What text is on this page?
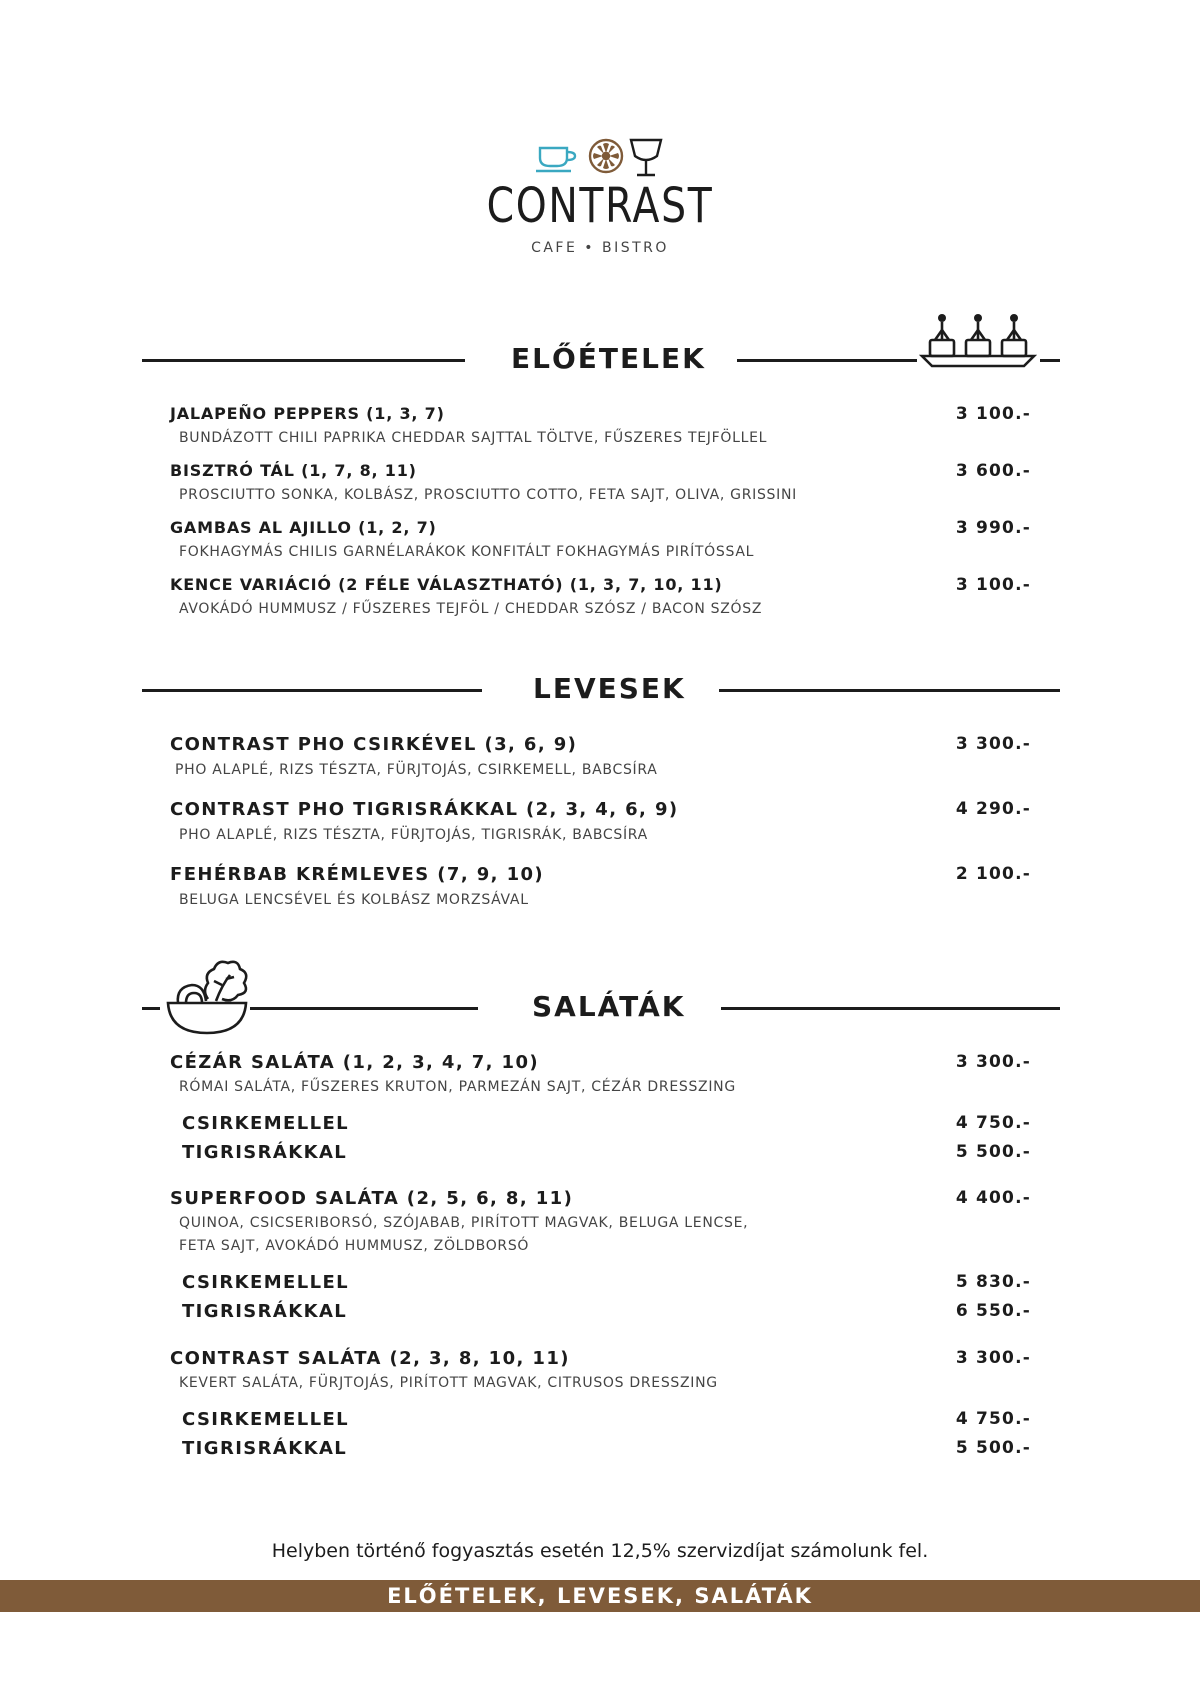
CONTRAST
CAFE • BISTRO
ELŐÉTELEK
JALAPEÑO PEPPERS (1, 3, 7)	3 100.-
BUNDÁZOTT CHILI PAPRIKA CHEDDAR SAJTTAL TÖLTVE, FŰSZERES TEJFÖLLEL
BISZTRÓ TÁL (1, 7, 8, 11)	3 600.-
PROSCIUTTO SONKA, KOLBÁSZ, PROSCIUTTO COTTO, FETA SAJT, OLIVA, GRISSINI
GAMBAS AL AJILLO (1, 2, 7)	3 990.-
FOKHAGYMÁS CHILIS GARNÉLARÁKOK KONFITÁLT FOKHAGYMÁS PIRÍTÓSSAL
KENCE VARIÁCIÓ (2 FÉLE VÁLASZTHATÓ) (1, 3, 7, 10, 11)	3 100.-
AVOKÁDÓ HUMMUSZ / FŰSZERES TEJFÖL / CHEDDAR SZÓSZ / BACON SZÓSZ
LEVESEK
CONTRAST PHO CSIRKÉVEL (3, 6, 9)	3 300.-
PHO ALAPLÉ, RIZS TÉSZTA, FÜRJTOJÁS, CSIRKEMELL, BABCSÍRA
CONTRAST PHO TIGRISRÁKKAL (2, 3, 4, 6, 9)	4 290.-
PHO ALAPLÉ, RIZS TÉSZTA, FÜRJTOJÁS, TIGRISRÁK, BABCSÍRA
FEHÉRBAB KRÉMLEVES (7, 9, 10)	2 100.-
BELUGA LENCSÉVEL ÉS KOLBÁSZ MORZSÁVAL
SALÁTÁK
CÉZÁR SALÁTA (1, 2, 3, 4, 7, 10)	3 300.-
RÓMAI SALÁTA, FŰSZERES KRUTON, PARMEZÁN SAJT, CÉZÁR DRESSZING
CSIRKEMELLEL	4 750.-
TIGRISRÁKKAL	5 500.-
SUPERFOOD SALÁTA (2, 5, 6, 8, 11)	4 400.-
QUINOA, CSICSERIBORSÓ, SZÓJABAB, PIRÍTOTT MAGVAK, BELUGA LENCSE,
FETA SAJT, AVOKÁDÓ HUMMUSZ, ZÖLDBORSÓ
CSIRKEMELLEL	5 830.-
TIGRISRÁKKAL	6 550.-
CONTRAST SALÁTA (2, 3, 8, 10, 11)	3 300.-
KEVERT SALÁTA, FÜRJTOJÁS, PIRÍTOTT MAGVAK, CITRUSOS DRESSZING
CSIRKEMELLEL	4 750.-
TIGRISRÁKKAL	5 500.-
Helyben történő fogyasztás esetén 12,5% szervizdíjat számolunk fel.
ELŐÉTELEK, LEVESEK, SALÁTÁK
